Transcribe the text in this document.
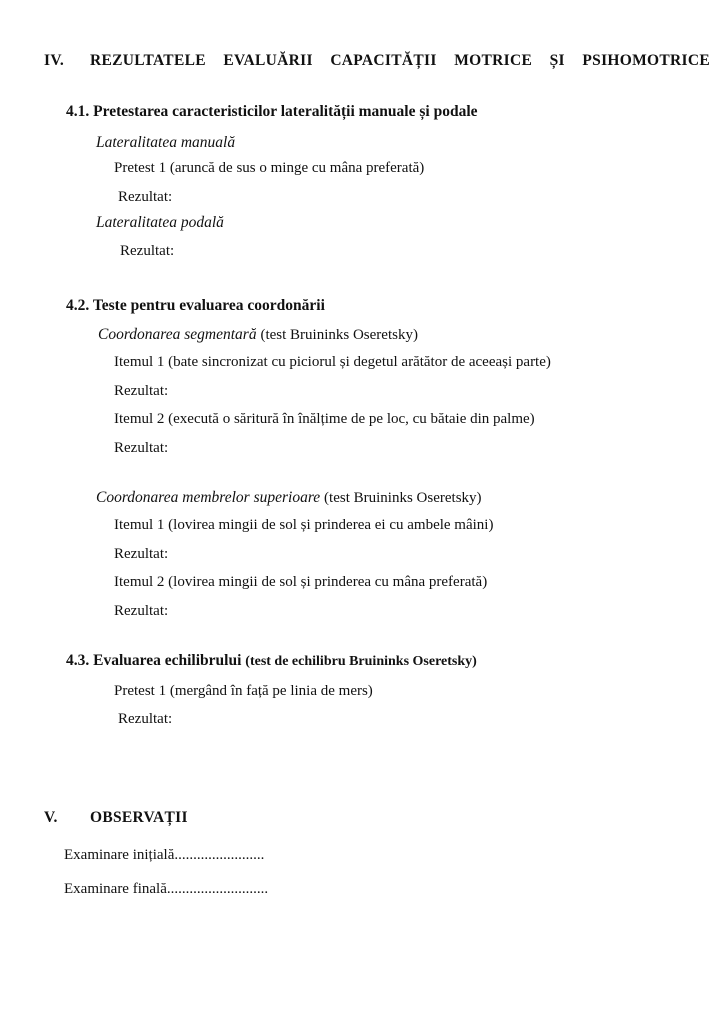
IV.	REZULTATELE EVALUĂRII CAPACITĂȚII MOTRICE ȘI PSIHOMOTRICE
4.1. Pretestarea caracteristicilor lateralității manuale și podale
Lateralitatea manuală
Pretest 1 (aruncă de sus o minge cu mâna preferată)
Rezultat:
Lateralitatea podală
Rezultat:
4.2. Teste pentru evaluarea coordonării
Coordonarea segmentară (test Bruininks Oseretsky)
Itemul 1 (bate sincronizat cu piciorul și degetul arătător de aceeași parte)
Rezultat:
Itemul 2 (execută o săritură în înălțime de pe loc, cu bătaie din palme)
Rezultat:
Coordonarea membrelor superioare (test Bruininks Oseretsky)
Itemul 1 (lovirea mingii de sol și prinderea ei cu ambele mâini)
Rezultat:
Itemul 2 (lovirea mingii de sol și prinderea cu mâna preferată)
Rezultat:
4.3. Evaluarea echilibrului (test de echilibru Bruininks Oseretsky)
Pretest 1 (mergând în față pe linia de mers)
Rezultat:
V.	OBSERVAȚII
Examinare inițială........................
Examinare finală...........................
